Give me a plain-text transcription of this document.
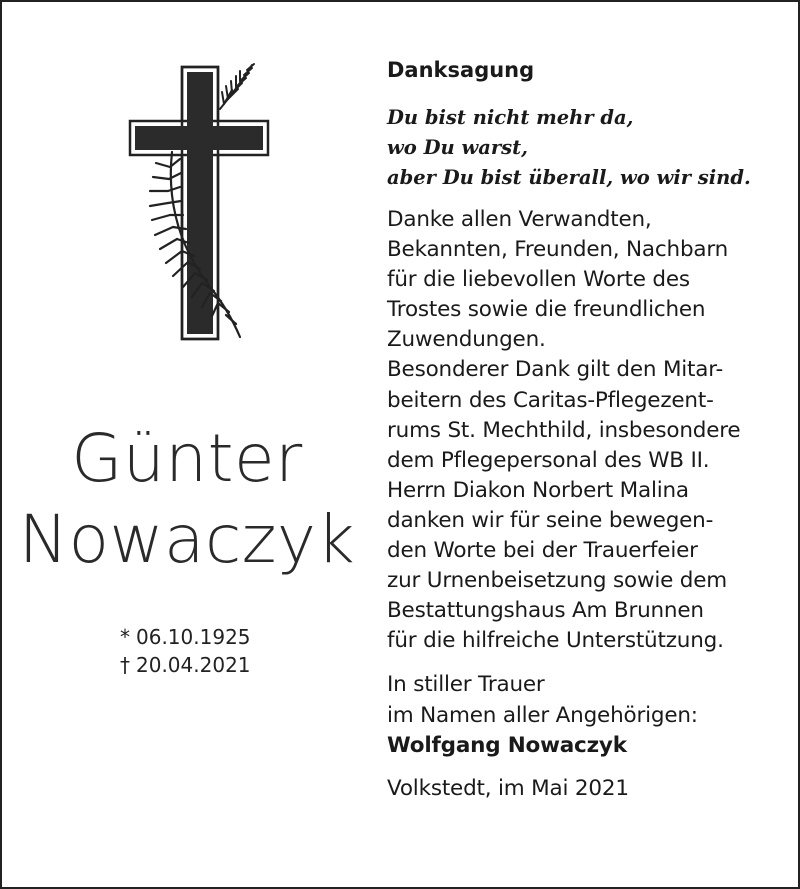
Günter
Nowaczyk
* 06.10.1925
† 20.04.2021
Danksagung
Du bist nicht mehr da,
wo Du warst,
aber Du bist überall, wo wir sind.
Danke allen Verwandten,
Bekannten, Freunden, Nachbarn
für die liebevollen Worte des
Trostes sowie die freundlichen
Zuwendungen.
Besonderer Dank gilt den Mitar-
beitern des Caritas-Pflegezent-
rums St. Mechthild, insbesondere
dem Pflegepersonal des WB II.
Herrn Diakon Norbert Malina
danken wir für seine bewegen-
den Worte bei der Trauerfeier
zur Urnenbeisetzung sowie dem
Bestattungshaus Am Brunnen
für die hilfreiche Unterstützung.
In stiller Trauer
im Namen aller Angehörigen:
Wolfgang Nowaczyk
Volkstedt, im Mai 2021
